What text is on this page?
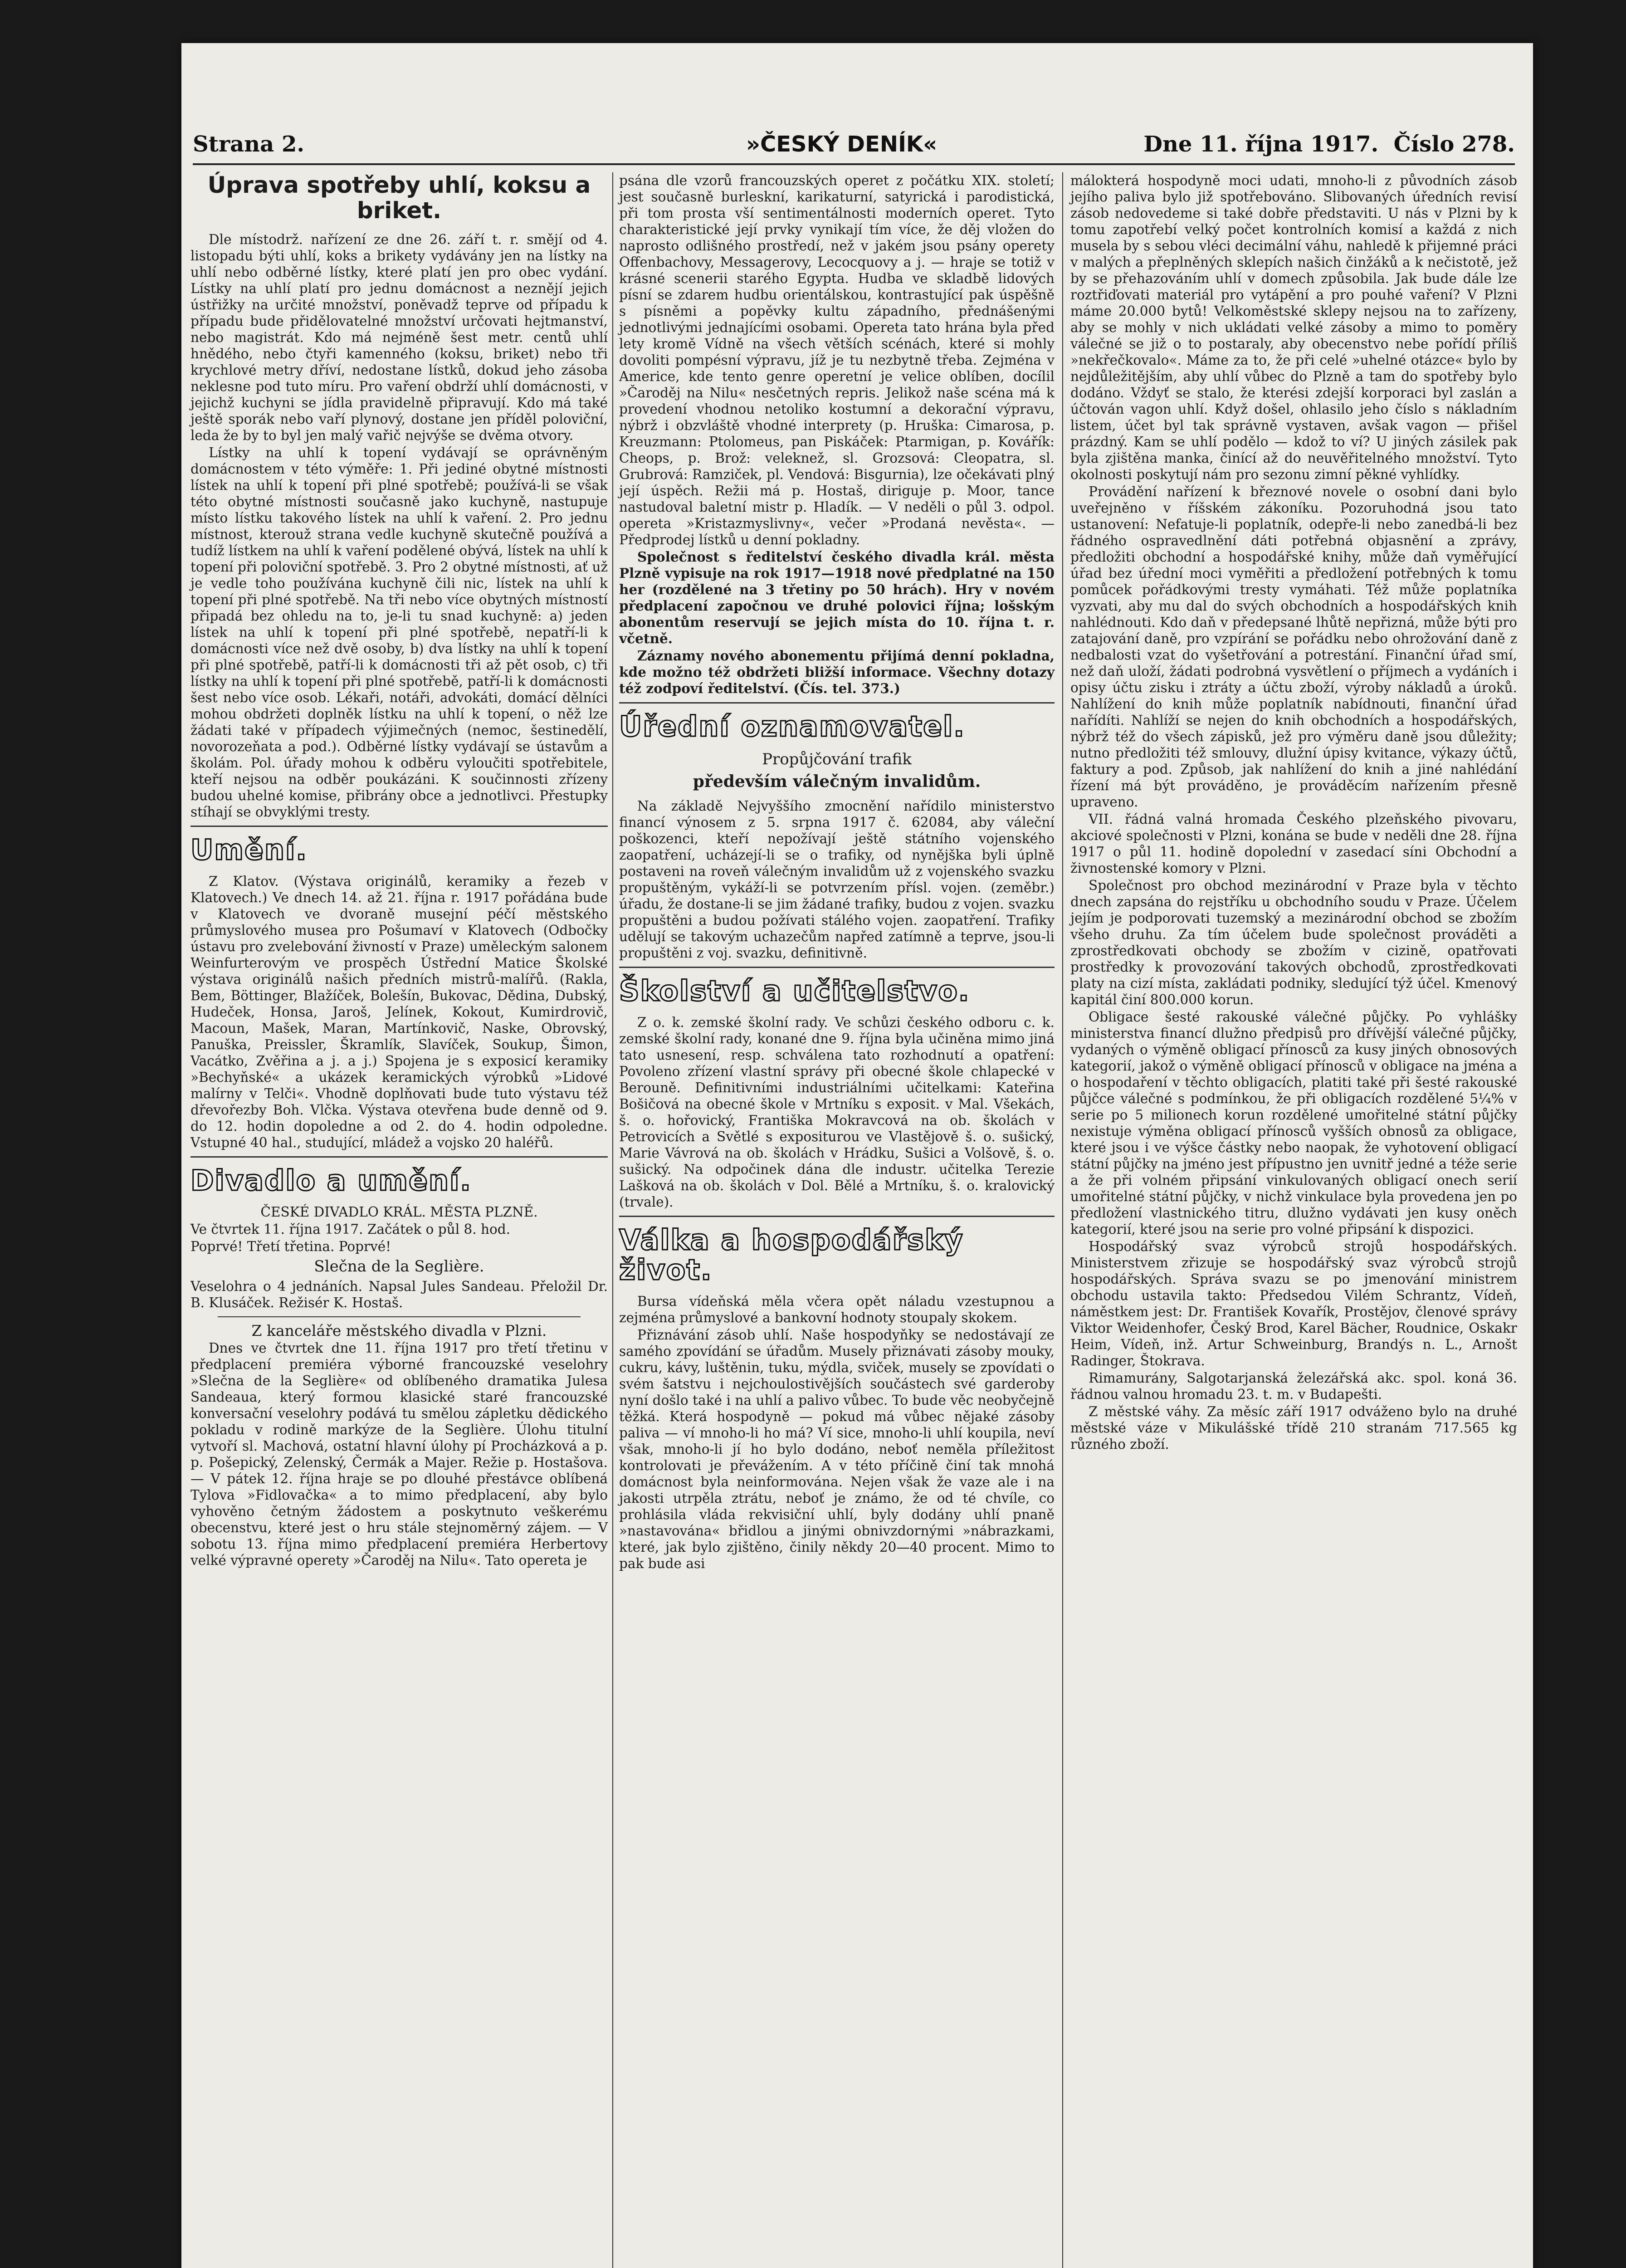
Strana 2.	»ČESKÝ DENÍK«	Dne 11. října 1917. Číslo 278.
Úprava spotřeby uhlí, koksu a briket.

Dle místodrž. nařízení ze dne 26. září t. r. smějí od 4. listopadu býti uhlí, koks a brikety vydávány jen na lístky na uhlí nebo odběrné lístky, které platí jen pro obec vydání. Lístky na uhlí platí pro jednu domácnost a neznějí jejich ústřižky na určité množství, poněvadž teprve od případu k případu bude přidělovatelné množství určovati hejtmanství, nebo magistrát. Kdo má nejméně šest metr. centů uhlí hnědého, nebo čtyři kamenného (koksu, briket) nebo tři krychlové metry dříví, nedostane lístků, dokud jeho zásoba neklesne pod tuto míru. Pro vaření obdrží uhlí domácnosti, v jejichž kuchyni se jídla pravidelně připravují. Kdo má také ještě sporák nebo vaří plynový, dostane jen příděl poloviční, leda že by to byl jen malý vařič nejvýše se dvěma otvory.

Lístky na uhlí k topení vydávají se oprávněným domácnostem v této výměře: 1. Při jediné obytné místnosti lístek na uhlí k topení při plné spotřebě; používá-li se však této obytné místnosti současně jako kuchyně, nastupuje místo lístku takového lístek na uhlí k vaření. 2. Pro jednu místnost, kterouž strana vedle kuchyně skutečně používá a tudíž lístkem na uhlí k vaření podělené obývá, lístek na uhlí k topení při poloviční spotřebě. 3. Pro 2 obytné místnosti, ať už je vedle toho používána kuchyně čili nic, lístek na uhlí k topení při plné spotřebě. Na tři nebo více obytných místností připadá bez ohledu na to, je-li tu snad kuchyně: a) jeden lístek na uhlí k topení při plné spotřebě, nepatří-li k domácnosti více než dvě osoby, b) dva lístky na uhlí k topení při plné spotřebě, patří-li k domácnosti tři až pět osob, c) tři lístky na uhlí k topení při plné spotřebě, patří-li k domácnosti šest nebo více osob. Lékaři, notáři, advokáti, domácí dělníci mohou obdržeti doplněk lístku na uhlí k topení, o něž lze žádati také v případech výjimečných (nemoc, šestinedělí, novorozeňata a pod.). Odběrné lístky vydávají se ústavům a školám. Pol. úřady mohou k odběru vyloučiti spotřebitele, kteří nejsou na odběr poukázáni. K součinnosti zřízeny budou uhelné komise, přibrány obce a jednotlivci. Přestupky stíhají se obvyklými tresty.

Umění.

Z Klatov. (Výstava originálů, keramiky a řezeb v Klatovech.) Ve dnech 14. až 21. října r. 1917 pořádána bude v Klatovech ve dvoraně musejní péčí městského průmyslového musea pro Pošumaví v Klatovech (Odbočky ústavu pro zvelebování živností v Praze) uměleckým salonem Weinfurterovým ve prospěch Ústřední Matice Školské výstava originálů našich předních mistrů-malířů. (Rakla, Bem, Böttinger, Blažíček, Bolešín, Bukovac, Dědina, Dubský, Hudeček, Honsa, Jaroš, Jelínek, Kokout, Kumirdrovič, Macoun, Mašek, Maran, Martínkovič, Naske, Obrovský, Panuška, Preissler, Škramlík, Slavíček, Soukup, Šimon, Vacátko, Zvěřina a j. a j.) Spojena je s exposicí keramiky »Bechyňské« a ukázek keramických výrobků »Lidové malírny v Telči«. Vhodně doplňovati bude tuto výstavu též dřevořezby Boh. Vlčka. Výstava otevřena bude denně od 9. do 12. hodin dopoledne a od 2. do 4. hodin odpoledne. Vstupné 40 hal., studující, mládež a vojsko 20 haléřů.

Divadlo a umění.

ČESKÉ DIVADLO KRÁL. MĚSTA PLZNĚ.

Ve čtvrtek 11. října 1917. Začátek o půl 8. hod.

Poprvé! Třetí třetina. Poprvé!

Slečna de la Seglière.

Veselohra o 4 jednáních. Napsal Jules Sandeau. Přeložil Dr. B. Klusáček. Režisér K. Hostaš.

Z kanceláře městského divadla v Plzni.

Dnes ve čtvrtek dne 11. října 1917 pro třetí třetinu v předplacení premiéra výborné francouzské veselohry »Slečna de la Seglière« od oblíbeného dramatika Julesa Sandeaua, který formou klasické staré francouzské konversační veselohry podává tu smělou zápletku dědického pokladu v rodině markýze de la Seglière. Úlohu titulní vytvoří sl. Machová, ostatní hlavní úlohy pí Procházková a p. p. Pošepický, Zelenský, Čermák a Majer. Režie p. Hostašova. — V pátek 12. října hraje se po dlouhé přestávce oblíbená Tylova »Fidlovačka« a to mimo předplacení, aby bylo vyhověno četným žádostem a poskytnuto veškerému obecenstvu, které jest o hru stále stejnoměrný zájem. — V sobotu 13. října mimo předplacení premiéra Herbertovy velké výpravné operety »Čaroděj na Nilu«. Tato opereta je

psána dle vzorů francouzských operet z počátku XIX. století; jest současně burleskní, karikaturní, satyrická i parodistická, při tom prosta vší sentimentálnosti moderních operet. Tyto charakteristické její prvky vynikají tím více, že děj vložen do naprosto odlišného prostředí, než v jakém jsou psány operety Offenbachovy, Messagerovy, Lecocquovy a j. — hraje se totiž v krásné scenerii starého Egypta. Hudba ve skladbě lidových písní se zdarem hudbu orientálskou, kontrastující pak úspěšně s písněmi a popěvky kultu západního, přednášenými jednotlivými jednajícími osobami. Opereta tato hrána byla před lety kromě Vídně na všech větších scénách, které si mohly dovoliti pompésní výpravu, jíž je tu nezbytně třeba. Zejména v Americe, kde tento genre operetní je velice oblíben, docílil »Čaroděj na Nilu« nesčetných repris. Jelikož naše scéna má k provedení vhodnou netoliko kostumní a dekorační výpravu, nýbrž i obzvláště vhodné interprety (p. Hruška: Cimarosa, p. Kreuzmann: Ptolomeus, pan Piskáček: Ptarmigan, p. Kovářík: Cheops, p. Brož: veleknež, sl. Grozsová: Cleopatra, sl. Grubrová: Ramziček, pl. Vendová: Bisgurnia), lze očekávati plný její úspěch. Režii má p. Hostaš, diriguje p. Moor, tance nastudoval baletní mistr p. Hladík. — V neděli o půl 3. odpol. opereta »Kristazmyslivny«, večer »Prodaná nevěsta«. — Předprodej lístků u denní pokladny.

Společnost s ředitelství českého divadla král. města Plzně vypisuje na rok 1917—1918 nové předplatné na 150 her (rozdělené na 3 třetiny po 50 hrách). Hry v novém předplacení započnou ve druhé polovici října; lošským abonentům reservují se jejich místa do 10. října t. r. včetně.

Záznamy nového abonementu přijímá denní pokladna, kde možno též obdržeti bližší informace. Všechny dotazy též zodpoví ředitelství. (Čís. tel. 373.)

Úřední oznamovatel.
Propůjčování trafik
především válečným invalidům.

Na základě Nejvyššího zmocnění nařídilo ministerstvo financí výnosem z 5. srpna 1917 č. 62084, aby váleční poškozenci, kteří nepožívají ještě státního vojenského zaopatření, ucházejí-li se o trafiky, od nynějška byli úplně postaveni na roveň válečným invalidům už z vojenského svazku propuštěným, vykáží-li se potvrzením přísl. vojen. (zeměbr.) úřadu, že dostane-li se jim žádané trafiky, budou z vojen. svazku propuštěni a budou požívati stálého vojen. zaopatření. Trafiky udělují se takovým uchazečům napřed zatímně a teprve, jsou-li propuštěni z voj. svazku, definitivně.

Školství a učitelstvo.

Z o. k. zemské školní rady. Ve schůzi českého odboru c. k. zemské školní rady, konané dne 9. října byla učiněna mimo jiná tato usnesení, resp. schválena tato rozhodnutí a opatření: Povoleno zřízení vlastní správy při obecné škole chlapecké v Berouně. Definitivními industriálními učitelkami: Kateřina Bošičová na obecné škole v Mrtníku s exposit. v Mal. Všekách, š. o. hořovický, Františka Mokravcová na ob. školách v Petrovicích a Světlé s expositurou ve Vlastějově š. o. sušický, Marie Vávrová na ob. školách v Hrádku, Sušici a Volšově, š. o. sušický. Na odpočinek dána dle industr. učitelka Terezie Lašková na ob. školách v Dol. Bělé a Mrtníku, š. o. kralovický (trvale).

Válka a hospodářský život.

Bursa vídeňská měla včera opět náladu vzestupnou a zejména průmyslové a bankovní hodnoty stoupaly skokem.

Přiznávání zásob uhlí. Naše hospodyňky se nedostávají ze samého zpovídání se úřadům. Musely přiznávati zásoby mouky, cukru, kávy, luštěnin, tuku, mýdla, sviček, musely se zpovídati o svém šatstvu i nejchoulostivějších součástech své garderoby nyní došlo také i na uhlí a palivo vůbec. To bude věc neobyčejně těžká. Která hospodyně — pokud má vůbec nějaké zásoby paliva — ví mnoho-li ho má? Ví sice, mnoho-li uhlí koupila, neví však, mnoho-li jí ho bylo dodáno, neboť neměla příležitost kontrolovati je převážením. A v této příčině činí tak mnohá domácnost byla neinformována. Nejen však že vaze ale i na jakosti utrpěla ztrátu, neboť je známo, že od té chvíle, co prohlásila vláda rekvisiční uhlí, byly dodány uhlí pnaně »nastavována« břidlou a jinými obnivzdornými »nábrazkami, které, jak bylo zjištěno, činily někdy 20—40 procent. Mimo to pak bude asi

málokterá hospodyně moci udati, mnoho-li z původních zásob jejího paliva bylo již spotřebováno. Slibovaných úředních revisí zásob nedovedeme si také dobře představiti. U nás v Plzni by k tomu zapotřebí velký počet kontrolních komisí a každá z nich musela by s sebou vléci decimální váhu, nahledě k přijemné práci v malých a přeplněných sklepích našich činžáků a k nečistotě, jež by se přehazováním uhlí v domech způsobila. Jak bude dále lze roztřiďovati materiál pro vytápění a pro pouhé vaření? V Plzni máme 20.000 bytů! Velkoměstské sklepy nejsou na to zařízeny, aby se mohly v nich ukládati velké zásoby a mimo to poměry válečné se již o to postaraly, aby obecenstvo nebe pořídí příliš »nekřečkovalo«. Máme za to, že při celé »uhelné otázce« bylo by nejdůležitějším, aby uhlí vůbec do Plzně a tam do spotřeby bylo dodáno. Vždyť se stalo, že kterési zdejší korporaci byl zaslán a účtován vagon uhlí. Když došel, ohlasilo jeho číslo s nákladním listem, účet byl tak správně vystaven, avšak vagon — přišel prázdný. Kam se uhlí podělo — kdož to ví? U jiných zásilek pak byla zjištěna manka, činící až do neuvěřitelného množství. Tyto okolnosti poskytují nám pro sezonu zimní pěkné vyhlídky.

Provádění nařízení k březnové novele o osobní dani bylo uveřejněno v říšském zákoníku. Pozoruhodná jsou tato ustanovení: Nefatuje-li poplatník, odepře-li nebo zanedbá-li bez řádného ospravedlnění dáti potřebná objasnění a zprávy, předložiti obchodní a hospodářské knihy, může daň vyměřující úřad bez úřední moci vyměřiti a předložení potřebných k tomu pomůcek pořádkovými tresty vymáhati. Též může poplatníka vyzvati, aby mu dal do svých obchodních a hospodářských knih nahlédnouti. Kdo daň v předepsané lhůtě nepřizná, může býti pro zatajování daně, pro vzpírání se pořádku nebo ohrožování daně z nedbalosti vzat do vyšetřování a potrestání. Finanční úřad smí, než daň uloží, žádati podrobná vysvětlení o příjmech a vydáních i opisy účtu zisku i ztráty a účtu zboží, výroby nákladů a úroků. Nahlížení do knih může poplatník nabídnouti, finanční úřad nařídíti. Nahlíží se nejen do knih obchodních a hospodářských, nýbrž též do všech zápisků, jež pro výměru daně jsou důležity; nutno předložiti též smlouvy, dlužní úpisy kvitance, výkazy účtů, faktury a pod. Způsob, jak nahlížení do knih a jiné nahlédání řízení má být prováděno, je prováděcím nařízením přesně upraveno.

VII. řádná valná hromada Českého plzeňského pivovaru, akciové společnosti v Plzni, konána se bude v neděli dne 28. října 1917 o půl 11. hodině dopolední v zasedací síni Obchodní a živnostenské komory v Plzni.

Společnost pro obchod mezinárodní v Praze byla v těchto dnech zapsána do rejstříku u obchodního soudu v Praze. Účelem jejím je podporovati tuzemský a mezinárodní obchod se zbožím všeho druhu. Za tím účelem bude společnost prováděti a zprostředkovati obchody se zbožím v cizině, opatřovati prostředky k provozování takových obchodů, zprostředkovati platy na cizí místa, zakládati podniky, sledující týž účel. Kmenový kapitál činí 800.000 korun.

Obligace šesté rakouské válečné půjčky. Po vyhlášky ministerstva financí dlužno předpisů pro dřívější válečné půjčky, vydaných o výměně obligací přínosců za kusy jiných obnosových kategorií, jakož o výměně obligací přínosců v obligace na jména a o hospodaření v těchto obligacích, platiti také při šesté rakouské půjčce válečné s podmínkou, že při obligacích rozdělené 5¼% v serie po 5 milionech korun rozdělené umořitelné státní půjčky nexistuje výměna obligací přínosců vyšších obnosů za obligace, které jsou i ve výšce částky nebo naopak, že vyhotovení obligací státní půjčky na jméno jest přípustno jen uvnitř jedné a téže serie a že při volném připsání vinkulovaných obligací onech serií umořitelné státní půjčky, v nichž vinkulace byla provedena jen po předložení vlastnického titru, dlužno vydávati jen kusy oněch kategorií, které jsou na serie pro volné připsání k dispozici.

Hospodářský svaz výrobců strojů hospodářských. Ministerstvem zřizuje se hospodářský svaz výrobců strojů hospodářských. Správa svazu se po jmenování ministrem obchodu ustavila takto: Předsedou Vilém Schrantz, Vídeň, náměstkem jest: Dr. František Kovařík, Prostějov, členové správy Viktor Weidenhofer, Český Brod, Karel Bächer, Roudnice, Oskakr Heim, Vídeň, inž. Artur Schweinburg, Brandýs n. L., Arnošt Radinger, Štokrava.

Rimamurány, Salgotarjanská železářská akc. spol. koná 36. řádnou valnou hromadu 23. t. m. v Budapešti.

Z městské váhy. Za měsíc září 1917 odváženo bylo na druhé městské váze v Mikulášské třídě 210 stranám 717.565 kg různého zboží.
